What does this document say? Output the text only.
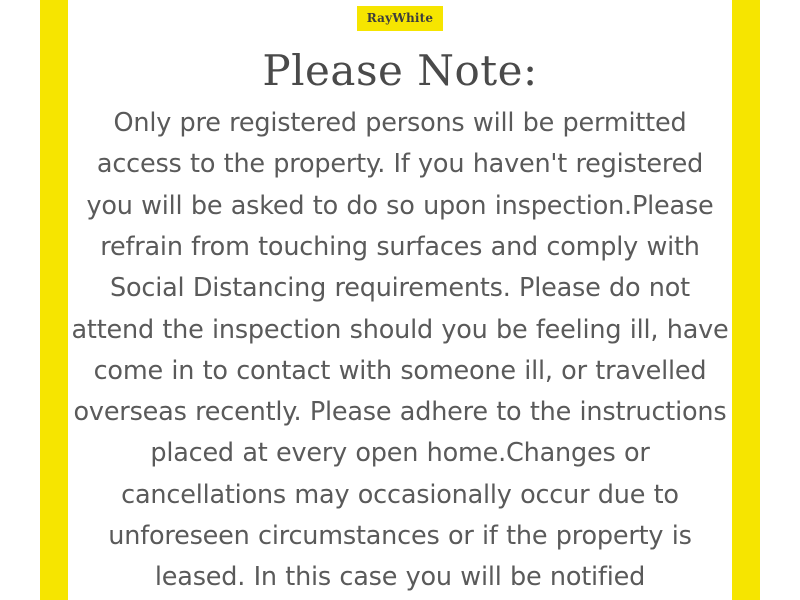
RayWhite
Please Note:

Only pre registered persons will be permitted access to the property. If you haven't registered you will be asked to do so upon inspection.Please refrain from touching surfaces and comply with Social Distancing requirements. Please do not attend the inspection should you be feeling ill, have come in to contact with someone ill, or travelled overseas recently. Please adhere to the instructions placed at every open home.Changes or cancellations may occasionally occur due to unforeseen circumstances or if the property is leased. In this case you will be notified
